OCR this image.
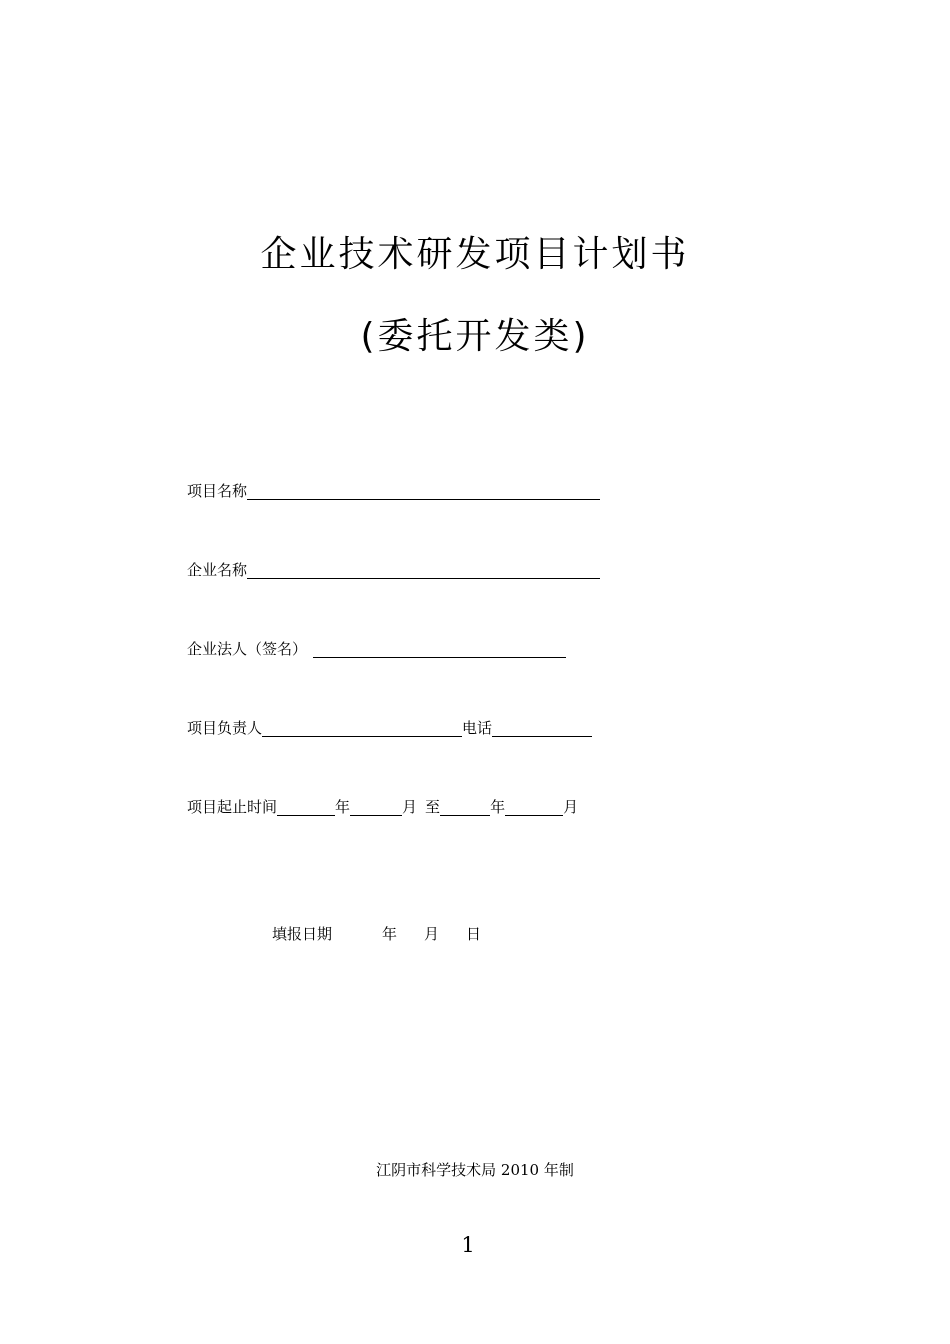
企业技术研发项目计划书
(委托开发类)
项目名称
企业名称
企业法人（签名）
项目负责人	电话
项目起止时间	年	月 至	年	月
填报日期	年 月 日
江阴市科学技术局 2010 年制
1
